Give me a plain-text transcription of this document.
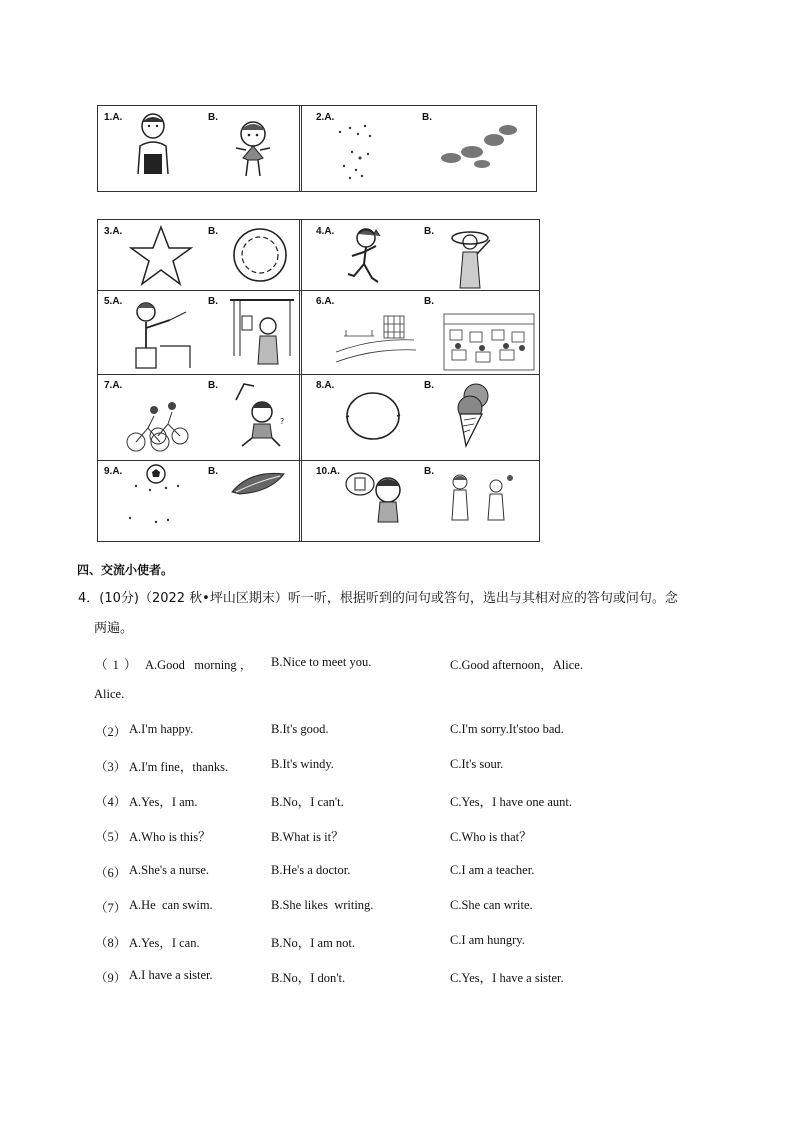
1.A.	B.	2.A.	B.
3.A.	B.	4.A.	B.
5.A.	B.	6.A.	B.
7.A.	B.
?
8.A.	B.
9.A.	B.	10.A.	B.
四、交流小使者。
4．(10分)（2022 秋•坪山区期末）听一听，根据听到的问句或答句，选出与其相对应的答句或问句。念
两遍。
（ 1 ） A.Good   morning ， B.Nice to meet you.	C.Good afternoon，Alice.
Alice.
（2） A.I'm happy.	B.It's good.	C.I'm sorry.It'stoo bad.
（3） A.I'm fine，thanks.	B.It's windy.	C.It's sour.
（4） A.Yes，I am.	B.No，I can't.	C.Yes，I have one aunt.
（5） A.Who is this？	B.What is it？	C.Who is that？
（6） A.She's a nurse.	B.He's a doctor.	C.I am a teacher.
（7） A.He  can swim.	B.She likes  writing.	C.She can write.
（8） A.Yes，I can.	B.No，I am not.	C.I am hungry.
（9） A.I have a sister.	B.No，I don't.	C.Yes，I have a sister.
